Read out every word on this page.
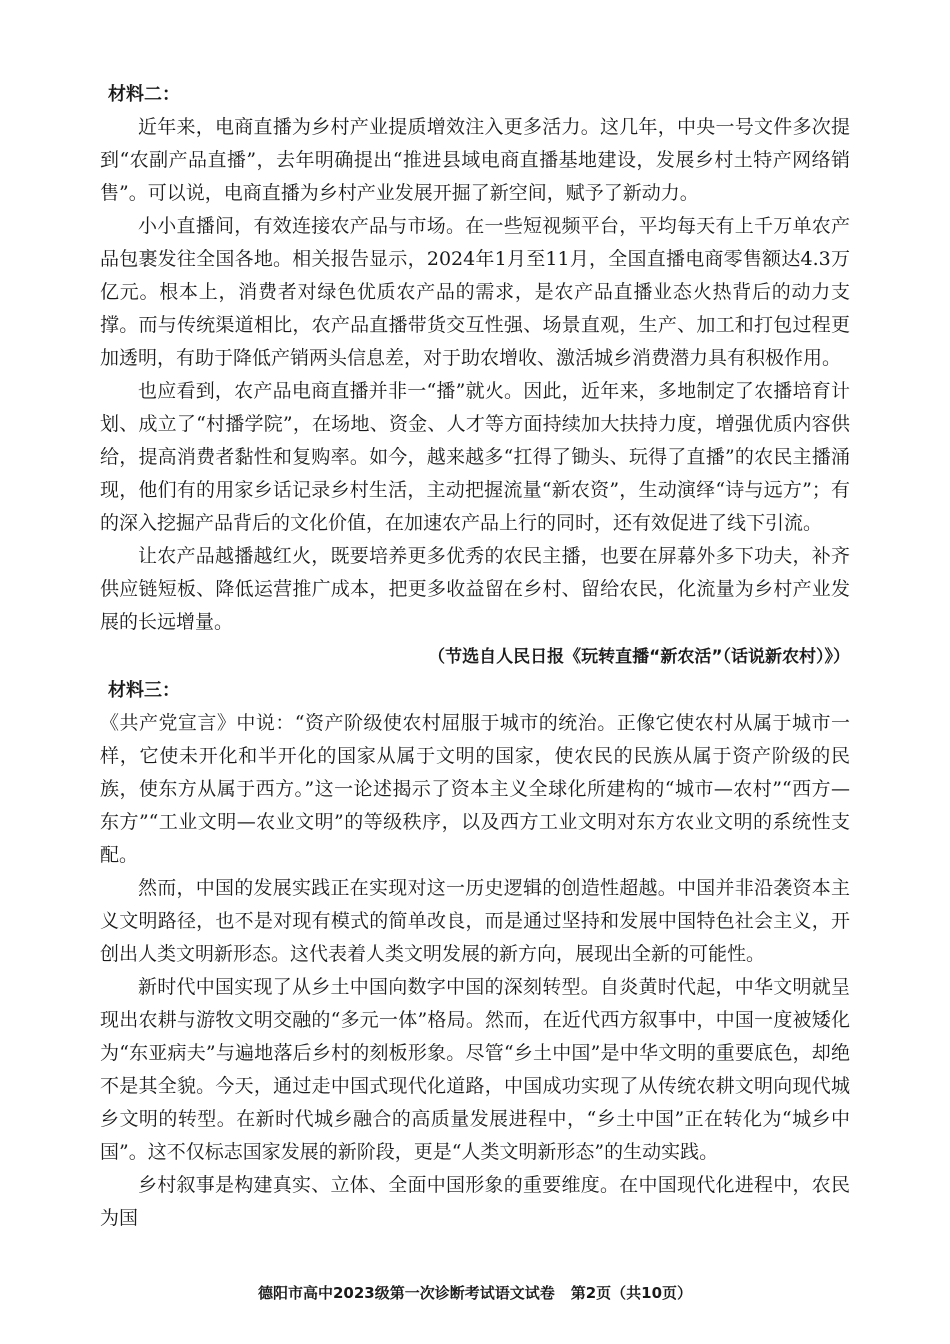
材料二：

近年来，电商直播为乡村产业提质增效注入更多活力。这几年，中央一号文件多次提到“农副产品直播”，去年明确提出“推进县域电商直播基地建设，发展乡村土特产网络销售”。可以说，电商直播为乡村产业发展开掘了新空间，赋予了新动力。

小小直播间，有效连接农产品与市场。在一些短视频平台，平均每天有上千万单农产品包裹发往全国各地。相关报告显示，2024年1月至11月，全国直播电商零售额达4.3万亿元。根本上，消费者对绿色优质农产品的需求，是农产品直播业态火热背后的动力支撑。而与传统渠道相比，农产品直播带货交互性强、场景直观，生产、加工和打包过程更加透明，有助于降低产销两头信息差，对于助农增收、激活城乡消费潜力具有积极作用。

也应看到，农产品电商直播并非一“播”就火。因此，近年来，多地制定了农播培育计划、成立了“村播学院”，在场地、资金、人才等方面持续加大扶持力度，增强优质内容供给，提高消费者黏性和复购率。如今，越来越多“扛得了锄头、玩得了直播”的农民主播涌现，他们有的用家乡话记录乡村生活，主动把握流量“新农资”，生动演绎“诗与远方”；有的深入挖掘产品背后的文化价值，在加速农产品上行的同时，还有效促进了线下引流。

让农产品越播越红火，既要培养更多优秀的农民主播，也要在屏幕外多下功夫，补齐供应链短板、降低运营推广成本，把更多收益留在乡村、留给农民，化流量为乡村产业发展的长远增量。

（节选自人民日报《玩转直播“新农活”（话说新农村）》）

材料三：

《共产党宣言》中说：“资产阶级使农村屈服于城市的统治。正像它使农村从属于城市一样，它使未开化和半开化的国家从属于文明的国家，使农民的民族从属于资产阶级的民族，使东方从属于西方。”这一论述揭示了资本主义全球化所建构的“城市—农村”“西方—东方”“工业文明—农业文明”的等级秩序，以及西方工业文明对东方农业文明的系统性支配。

然而，中国的发展实践正在实现对这一历史逻辑的创造性超越。中国并非沿袭资本主义文明路径，也不是对现有模式的简单改良，而是通过坚持和发展中国特色社会主义，开创出人类文明新形态。这代表着人类文明发展的新方向，展现出全新的可能性。

新时代中国实现了从乡土中国向数字中国的深刻转型。自炎黄时代起，中华文明就呈现出农耕与游牧文明交融的“多元一体”格局。然而，在近代西方叙事中，中国一度被矮化为“东亚病夫”与遍地落后乡村的刻板形象。尽管“乡土中国”是中华文明的重要底色，却绝不是其全貌。今天，通过走中国式现代化道路，中国成功实现了从传统农耕文明向现代城乡文明的转型。在新时代城乡融合的高质量发展进程中，“乡土中国”正在转化为“城乡中国”。这不仅标志国家发展的新阶段，更是“人类文明新形态”的生动实践。

乡村叙事是构建真实、立体、全面中国形象的重要维度。在中国现代化进程中，农民为国

德阳市高中2023级第一次诊断考试语文试卷 第2页（共10页）
